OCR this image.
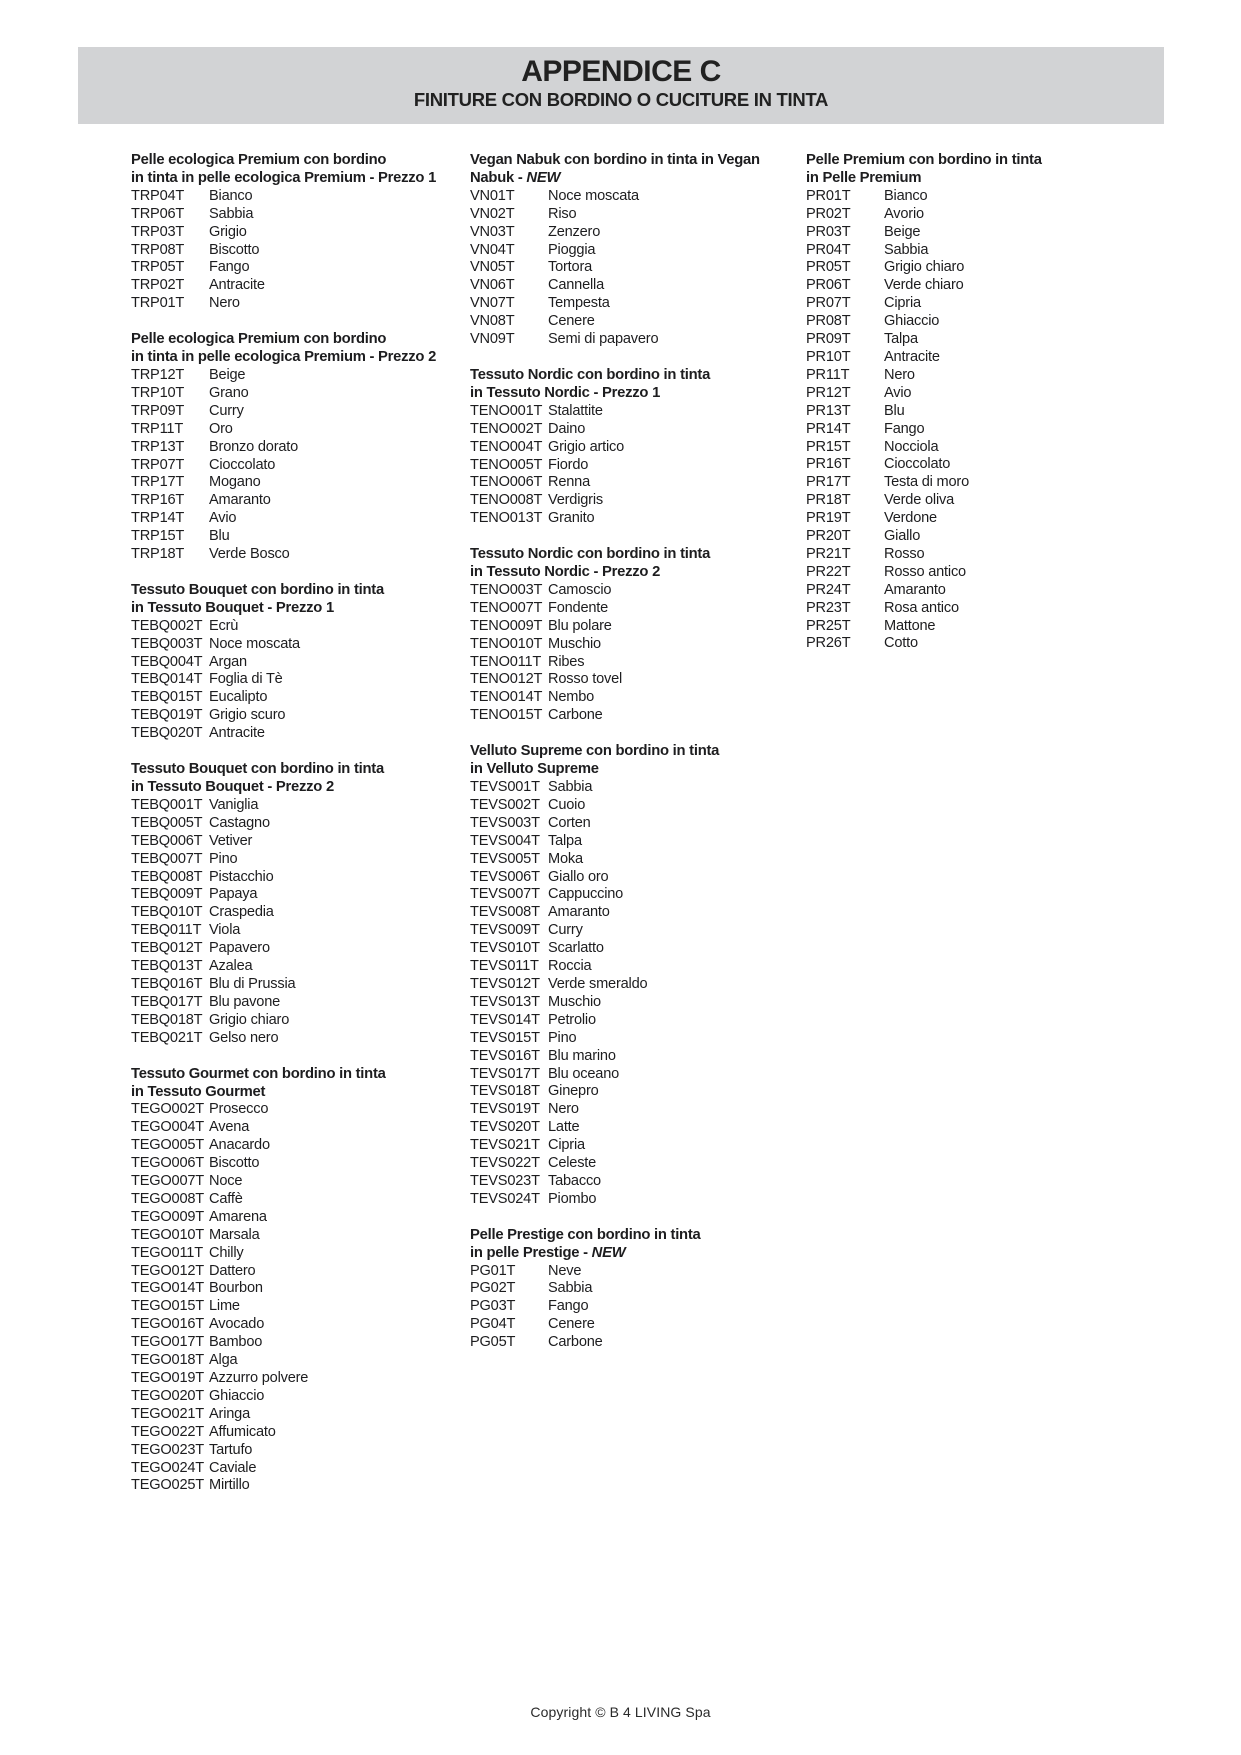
APPENDICE C
FINITURE CON BORDINO O CUCITURE IN TINTA
Pelle ecologica Premium con bordino
in tinta in pelle ecologica Premium - Prezzo 1
TRP04T	Bianco
TRP06T	Sabbia
TRP03T	Grigio
TRP08T	Biscotto
TRP05T	Fango
TRP02T	Antracite
TRP01T	Nero
Pelle ecologica Premium con bordino
in tinta in pelle ecologica Premium - Prezzo 2
TRP12T	Beige
TRP10T	Grano
TRP09T	Curry
TRP11T	Oro
TRP13T	Bronzo dorato
TRP07T	Cioccolato
TRP17T	Mogano
TRP16T	Amaranto
TRP14T	Avio
TRP15T	Blu
TRP18T	Verde Bosco
Tessuto Bouquet con bordino in tinta
in Tessuto Bouquet - Prezzo 1
TEBQ002T Ecrù
TEBQ003T Noce moscata
TEBQ004T Argan
TEBQ014T Foglia di Tè
TEBQ015T Eucalipto
TEBQ019T Grigio scuro
TEBQ020T Antracite
Tessuto Bouquet con bordino in tinta
in Tessuto Bouquet - Prezzo 2
TEBQ001T Vaniglia
TEBQ005T Castagno
TEBQ006T Vetiver
TEBQ007T Pino
TEBQ008T Pistacchio
TEBQ009T Papaya
TEBQ010T Craspedia
TEBQ011T Viola
TEBQ012T Papavero
TEBQ013T Azalea
TEBQ016T Blu di Prussia
TEBQ017T Blu pavone
TEBQ018T Grigio chiaro
TEBQ021T Gelso nero
Tessuto Gourmet con bordino in tinta
in Tessuto Gourmet
TEGO002T Prosecco
TEGO004T Avena
TEGO005T Anacardo
TEGO006T Biscotto
TEGO007T Noce
TEGO008T Caffè
TEGO009T Amarena
TEGO010T Marsala
TEGO011T Chilly
TEGO012T Dattero
TEGO014T Bourbon
TEGO015T Lime
TEGO016T Avocado
TEGO017T Bamboo
TEGO018T Alga
TEGO019T Azzurro polvere
TEGO020T Ghiaccio
TEGO021T Aringa
TEGO022T Affumicato
TEGO023T Tartufo
TEGO024T Caviale
TEGO025T Mirtillo
Vegan Nabuk con bordino in tinta in Vegan
Nabuk - NEW
VN01T	Noce moscata
VN02T	Riso
VN03T	Zenzero
VN04T	Pioggia
VN05T	Tortora
VN06T	Cannella
VN07T	Tempesta
VN08T	Cenere
VN09T	Semi di papavero
Tessuto Nordic con bordino in tinta
in Tessuto Nordic - Prezzo 1
TENO001T Stalattite
TENO002T Daino
TENO004T Grigio artico
TENO005T Fiordo
TENO006T Renna
TENO008T Verdigris
TENO013T Granito
Tessuto Nordic con bordino in tinta
in Tessuto Nordic - Prezzo 2
TENO003T Camoscio
TENO007T Fondente
TENO009T Blu polare
TENO010T Muschio
TENO011T Ribes
TENO012T Rosso tovel
TENO014T Nembo
TENO015T Carbone
Velluto Supreme con bordino in tinta
in Velluto Supreme
TEVS001T Sabbia
TEVS002T Cuoio
TEVS003T Corten
TEVS004T Talpa
TEVS005T Moka
TEVS006T Giallo oro
TEVS007T Cappuccino
TEVS008T Amaranto
TEVS009T Curry
TEVS010T Scarlatto
TEVS011T Roccia
TEVS012T Verde smeraldo
TEVS013T Muschio
TEVS014T Petrolio
TEVS015T Pino
TEVS016T Blu marino
TEVS017T Blu oceano
TEVS018T Ginepro
TEVS019T Nero
TEVS020T Latte
TEVS021T Cipria
TEVS022T Celeste
TEVS023T Tabacco
TEVS024T Piombo
Pelle Prestige con bordino in tinta
in pelle Prestige - NEW
PG01T	Neve
PG02T	Sabbia
PG03T	Fango
PG04T	Cenere
PG05T	Carbone
Pelle Premium con bordino in tinta
in Pelle Premium
PR01T	Bianco
PR02T	Avorio
PR03T	Beige
PR04T	Sabbia
PR05T	Grigio chiaro
PR06T	Verde chiaro
PR07T	Cipria
PR08T	Ghiaccio
PR09T	Talpa
PR10T	Antracite
PR11T	Nero
PR12T	Avio
PR13T	Blu
PR14T	Fango
PR15T	Nocciola
PR16T	Cioccolato
PR17T	Testa di moro
PR18T	Verde oliva
PR19T	Verdone
PR20T	Giallo
PR21T	Rosso
PR22T	Rosso antico
PR24T	Amaranto
PR23T	Rosa antico
PR25T	Mattone
PR26T	Cotto
Copyright © B 4 LIVING Spa
